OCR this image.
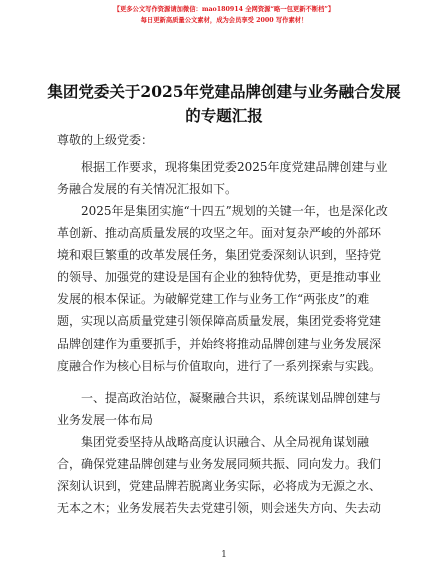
【更多公文写作资源请加微信：mao180914 全网资源“略一包更新不断档”】
每日更新高质量公文素材，成为会员享受 2000 写作素材！
集团党委关于2025年党建品牌创建与业务融合发展的专题汇报

尊敬的上级党委：

根据工作要求，现将集团党委2025年度党建品牌创建与业务融合发展的有关情况汇报如下。

2025年是集团实施“十四五”规划的关键一年，也是深化改革创新、推动高质量发展的攻坚之年。面对复杂严峻的外部环境和艰巨繁重的改革发展任务，集团党委深刻认识到，坚持党的领导、加强党的建设是国有企业的独特优势，更是推动事业发展的根本保证。为破解党建工作与业务工作“两张皮”的难题，实现以高质量党建引领保障高质量发展，集团党委将党建品牌创建作为重要抓手，并始终将推动品牌创建与业务发展深度融合作为核心目标与价值取向，进行了一系列探索与实践。

一、提高政治站位，凝聚融合共识，系统谋划品牌创建与业务发展一体布局

集团党委坚持从战略高度认识融合、从全局视角谋划融合，确保党建品牌创建与业务发展同频共振、同向发力。我们深刻认识到，党建品牌若脱离业务实际，必将成为无源之水、无本之木；业务发展若失去党建引领，则会迷失方向、失去动

1
